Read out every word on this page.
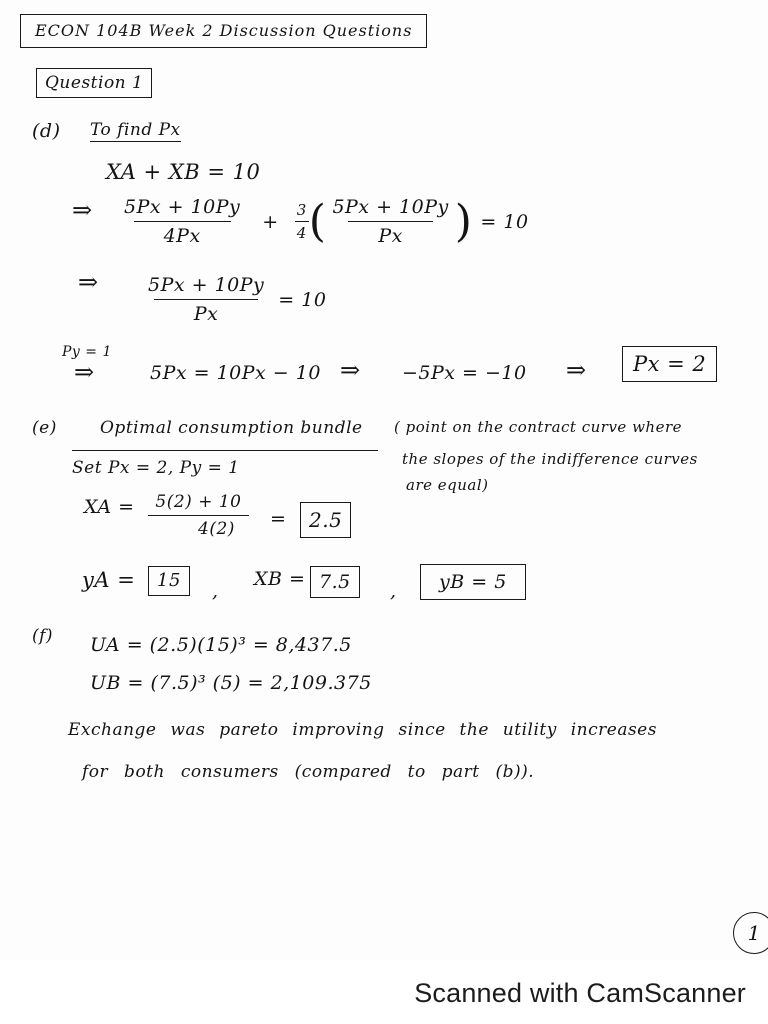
ECON 104B Week 2 Discussion Questions
Question 1
(d) To find Px
XA + XB = 10
⇒ $\frac{5Px + 10Py}{4Px} + \frac{3}{4}$ ( $\frac{5Px + 10Py}{Px}$ ) = 10
⇒ $\frac{5Px + 10Py}{Px} = 10$
Py = 1
⇒	5Px = 10Px − 10 ⇒ −5Px = −10 ⇒	Px = 2
(e)	Optimal consumption bundle ( point on the contract curve where
the slopes of the indifference curves
are equal)
Set Px = 2, Py = 1
XA = $\frac{5(2) + 10}{4(2)}$ =	2.5
yA =	15	,
XB = 7.5	,	yB = 5
(f) UA = (2.5)(15)³ = 8,437.5
UB = (7.5)³ (5) = 2,109.375
Exchange was pareto improving since the utility increases
for both consumers (compared to part (b)).
1
Scanned with CamScanner
